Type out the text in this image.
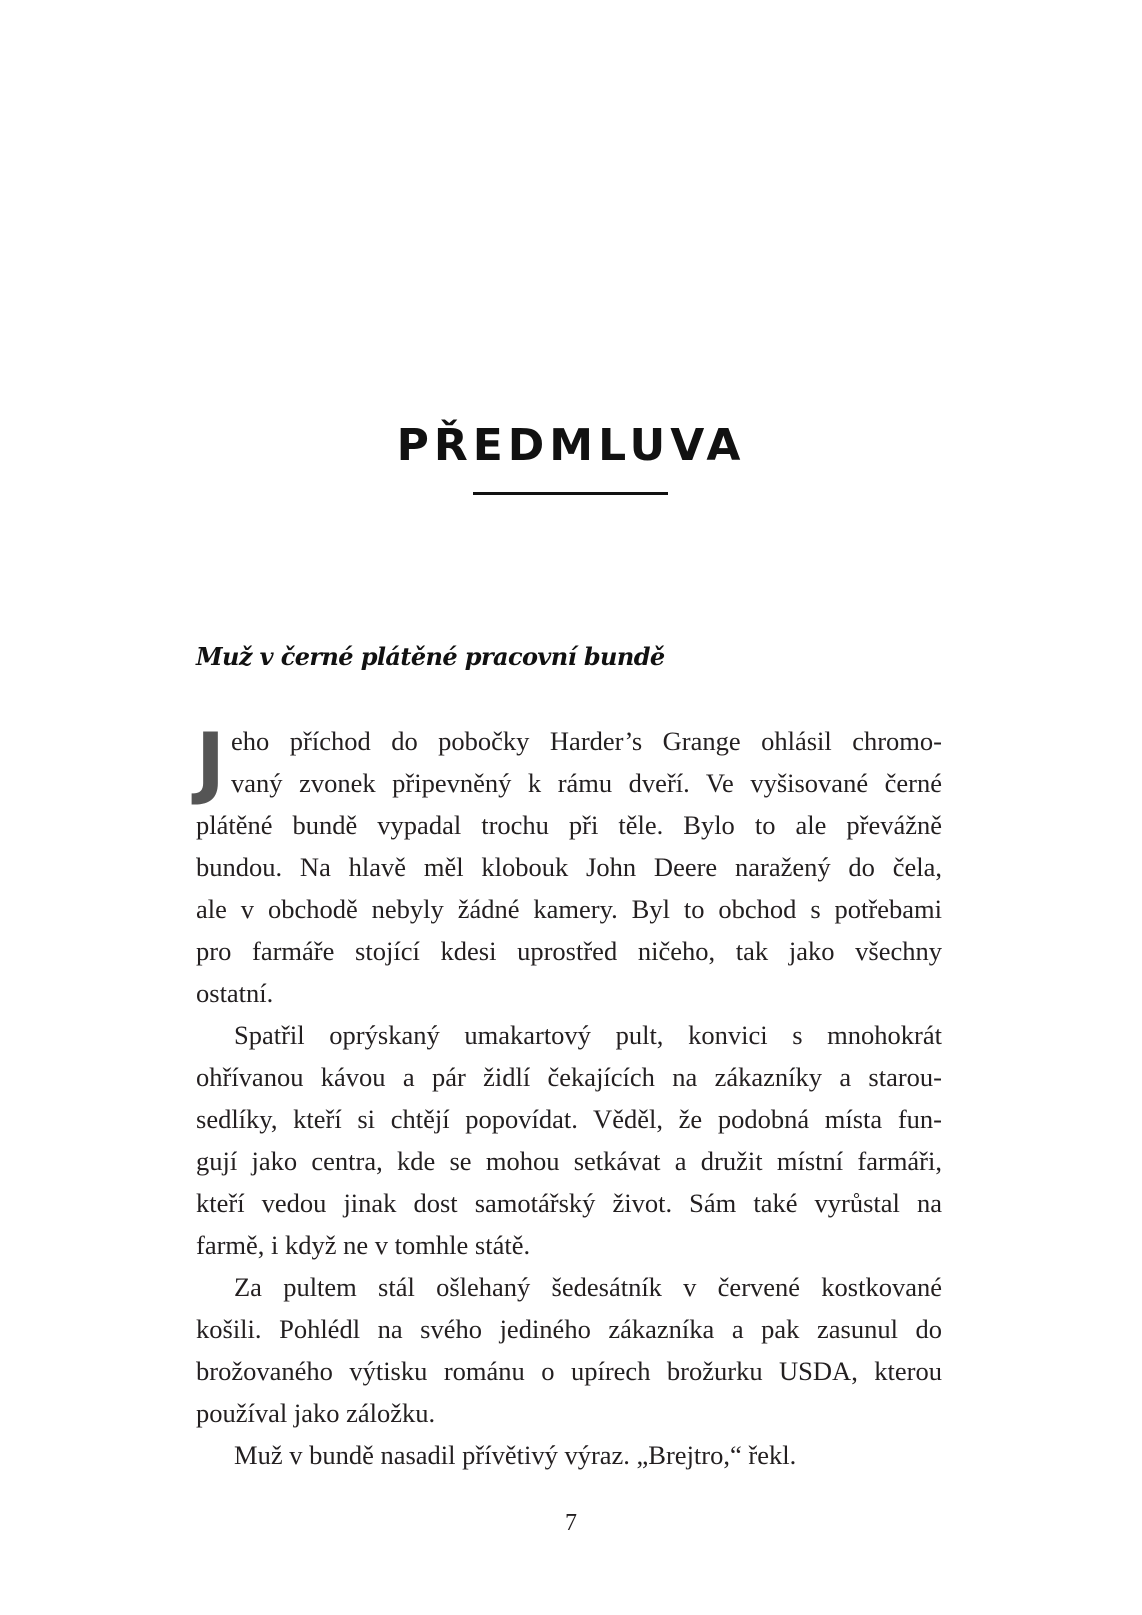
PŘEDMLUVA
Muž v černé plátěné pracovní bundě

J eho příchod do pobočky Harder’s Grange ohlásil chromo-
vaný zvonek připevněný k rámu dveří. Ve vyšisované černé
plátěné bundě vypadal trochu při těle. Bylo to ale převážně
bundou. Na hlavě měl klobouk John Deere naražený do čela,
ale v obchodě nebyly žádné kamery. Byl to obchod s potřebami
pro farmáře stojící kdesi uprostřed ničeho, tak jako všechny
ostatní.

Spatřil oprýskaný umakartový pult, konvici s mnohokrát
ohřívanou kávou a pár židlí čekajících na zákazníky a starou-
sedlíky, kteří si chtějí popovídat. Věděl, že podobná místa fun-
gují jako centra, kde se mohou setkávat a družit místní farmáři,
kteří vedou jinak dost samotářský život. Sám také vyrůstal na
farmě, i když ne v tomhle státě.

Za pultem stál ošlehaný šedesátník v červené kostkované
košili. Pohlédl na svého jediného zákazníka a pak zasunul do
brožovaného výtisku románu o upírech brožurku USDA, kterou
používal jako záložku.

Muž v bundě nasadil přívětivý výraz. „Brejtro,“ řekl.

7
